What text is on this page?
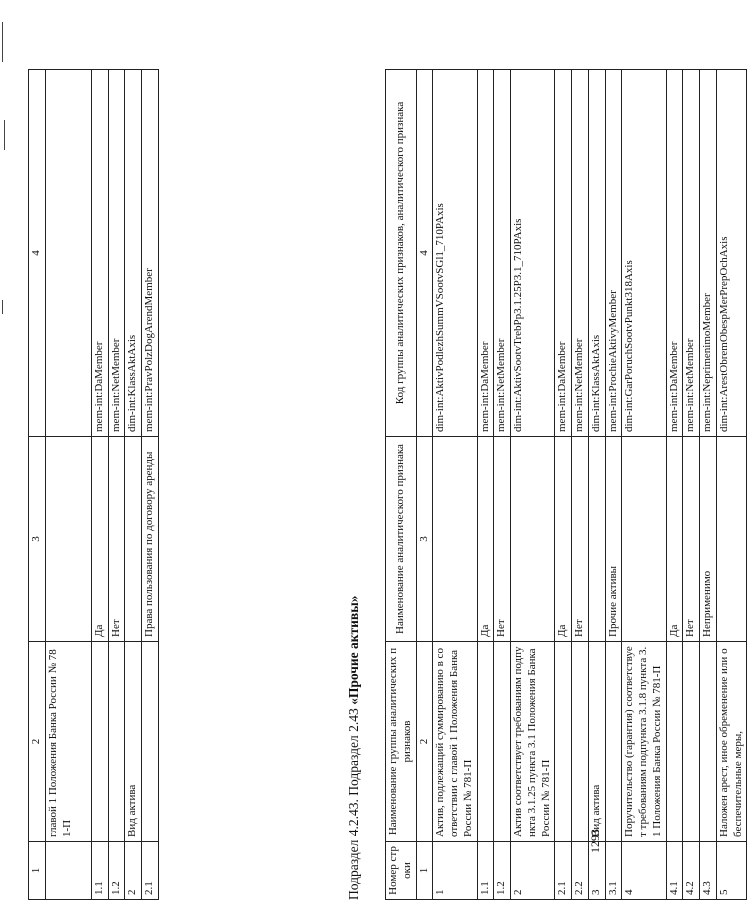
1	2	3	4
	главой 1 Положения Банка России № 781-П		
1.1		Да	mem-int:DaMember
1.2		Нет	mem-int:NetMember
2	Вид актива		dim-int:KlassAktAxis
2.1		Права пользования по договору аренды	mem-int:PravPolzDogArendMember
Подраздел 4.2.43. Подраздел 2.43 «Прочие активы»
Номер строки	Наименование группы аналитических признаков	Наименование аналитического признака	Код группы аналитических признаков, аналитического признака
1	2	3	4
1	Актив, подлежащий суммированию в соответствии с главой 1 Положения Банка России № 781-П		dim-int:AktivPodlezhSummVSootvSGl1_710PAxis
1.1		Да	mem-int:DaMember
1.2		Нет	mem-int:NetMember
2	Актив соответствует требованиям подпункта 3.1.25 пункта 3.1 Положения Банка России № 781-П		dim-int:AktivSootvTrebPp3.1.25P3.1_710PAxis
2.1		Да	mem-int:DaMember
2.2		Нет	mem-int:NetMember
3	Вид актива		dim-int:KlassAktAxis
3.1		Прочие активы	mem-int:ProchieAktivyMember
4	Поручительство (гарантия) соответствует требованиям подпункта 3.1.8 пункта 3.1 Положения Банка России № 781-П		dim-int:GarPoruchSootvPunkt318Axis
4.1		Да	mem-int:DaMember
4.2		Нет	mem-int:NetMember
4.3		Неприменимо	mem-int:NeprimenimoMember
5	Наложен арест, иное обременение или обеспечительные меры,		dim-int:ArestObremObespMerPrepOchAxis
1293
